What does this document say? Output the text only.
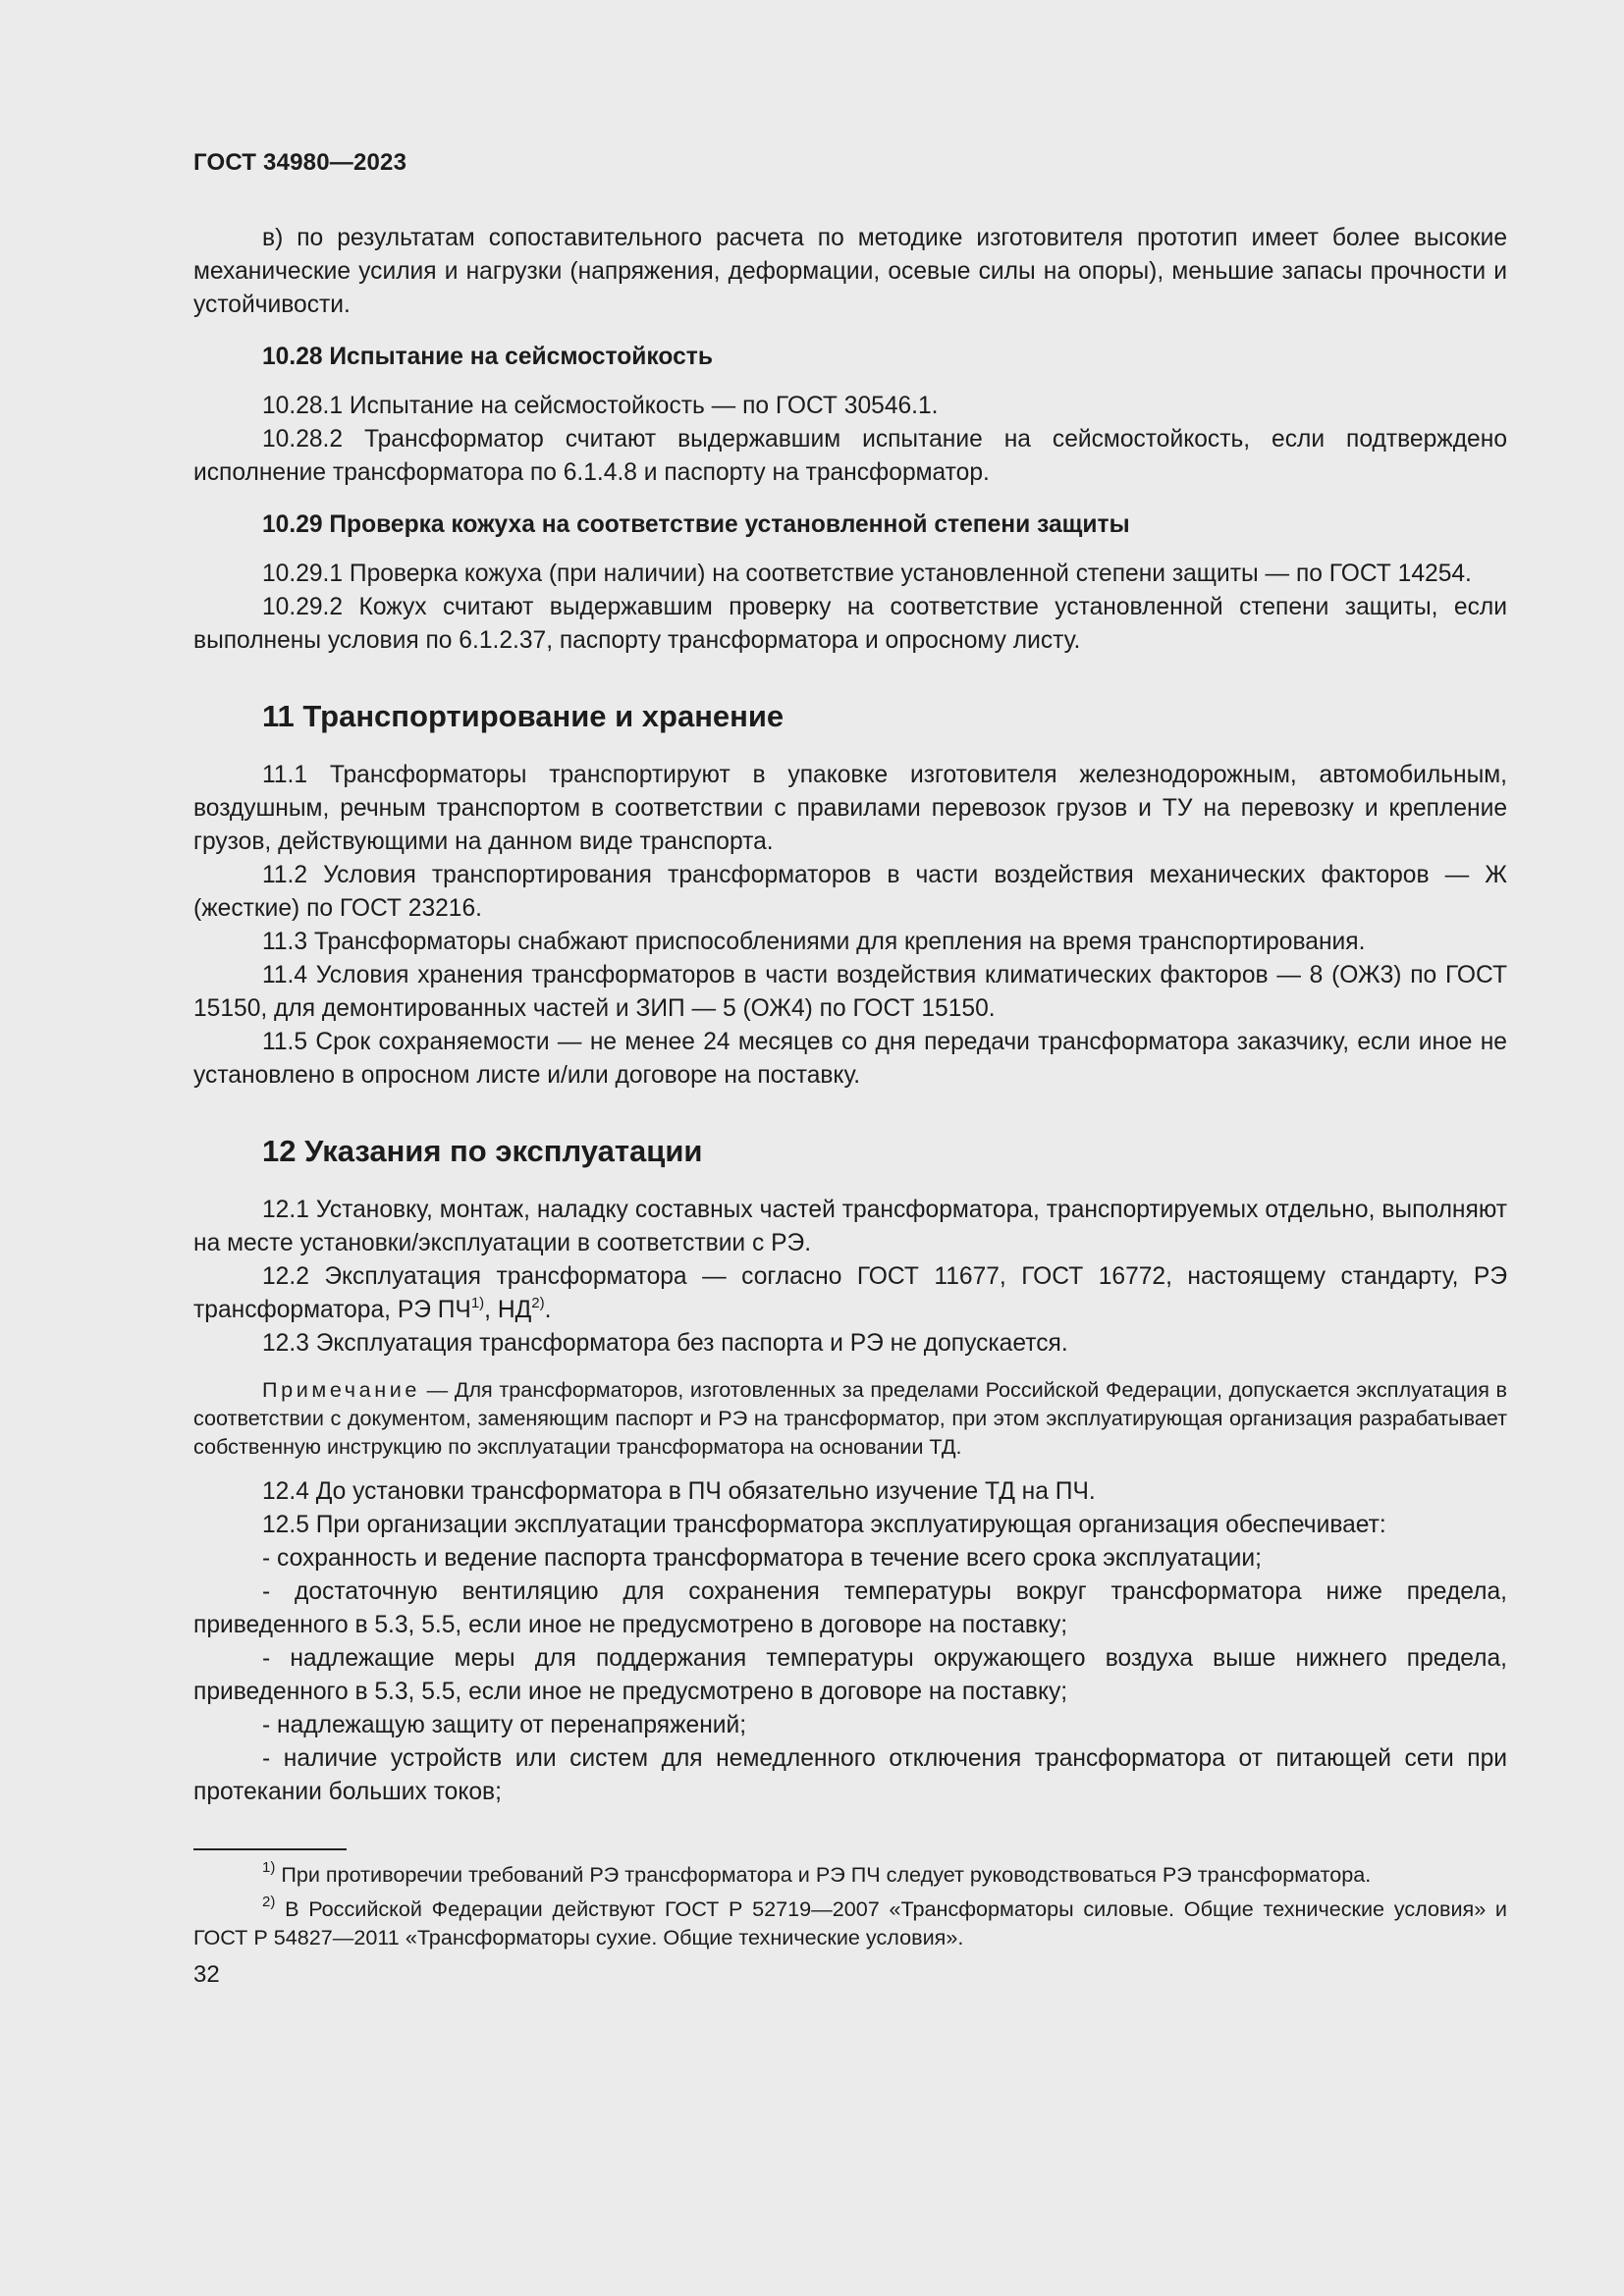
ГОСТ 34980—2023

в) по результатам сопоставительного расчета по методике изготовителя прототип имеет более высокие механические усилия и нагрузки (напряжения, деформации, осевые силы на опоры), меньшие запасы прочности и устойчивости.

10.28 Испытание на сейсмостойкость

10.28.1 Испытание на сейсмостойкость — по ГОСТ 30546.1.

10.28.2 Трансформатор считают выдержавшим испытание на сейсмостойкость, если подтверждено исполнение трансформатора по 6.1.4.8 и паспорту на трансформатор.

10.29 Проверка кожуха на соответствие установленной степени защиты

10.29.1 Проверка кожуха (при наличии) на соответствие установленной степени защиты — по ГОСТ 14254.

10.29.2 Кожух считают выдержавшим проверку на соответствие установленной степени защиты, если выполнены условия по 6.1.2.37, паспорту трансформатора и опросному листу.

11 Транспортирование и хранение

11.1 Трансформаторы транспортируют в упаковке изготовителя железнодорожным, автомобильным, воздушным, речным транспортом в соответствии с правилами перевозок грузов и ТУ на перевозку и крепление грузов, действующими на данном виде транспорта.

11.2 Условия транспортирования трансформаторов в части воздействия механических факторов — Ж (жесткие) по ГОСТ 23216.

11.3 Трансформаторы снабжают приспособлениями для крепления на время транспортирования.

11.4 Условия хранения трансформаторов в части воздействия климатических факторов — 8 (ОЖ3) по ГОСТ 15150, для демонтированных частей и ЗИП — 5 (ОЖ4) по ГОСТ 15150.

11.5 Срок сохраняемости — не менее 24 месяцев со дня передачи трансформатора заказчику, если иное не установлено в опросном листе и/или договоре на поставку.

12 Указания по эксплуатации

12.1 Установку, монтаж, наладку составных частей трансформатора, транспортируемых отдельно, выполняют на месте установки/эксплуатации в соответствии с РЭ.

12.2 Эксплуатация трансформатора — согласно ГОСТ 11677, ГОСТ 16772, настоящему стандарту, РЭ трансформатора, РЭ ПЧ$^{1)}$, НД$^{2)}$.

12.3 Эксплуатация трансформатора без паспорта и РЭ не допускается.

Примечание — Для трансформаторов, изготовленных за пределами Российской Федерации, допускается эксплуатация в соответствии с документом, заменяющим паспорт и РЭ на трансформатор, при этом эксплуатирующая организация разрабатывает собственную инструкцию по эксплуатации трансформатора на основании ТД.

12.4 До установки трансформатора в ПЧ обязательно изучение ТД на ПЧ.

12.5 При организации эксплуатации трансформатора эксплуатирующая организация обеспечивает:

- сохранность и ведение паспорта трансформатора в течение всего срока эксплуатации;

- достаточную вентиляцию для сохранения температуры вокруг трансформатора ниже предела, приведенного в 5.3, 5.5, если иное не предусмотрено в договоре на поставку;

- надлежащие меры для поддержания температуры окружающего воздуха выше нижнего предела, приведенного в 5.3, 5.5, если иное не предусмотрено в договоре на поставку;

- надлежащую защиту от перенапряжений;

- наличие устройств или систем для немедленного отключения трансформатора от питающей сети при протекании больших токов;

$^{1)}$ При противоречии требований РЭ трансформатора и РЭ ПЧ следует руководствоваться РЭ трансформатора.

$^{2)}$ В Российской Федерации действуют ГОСТ Р 52719—2007 «Трансформаторы силовые. Общие технические условия» и ГОСТ Р 54827—2011 «Трансформаторы сухие. Общие технические условия».

32
